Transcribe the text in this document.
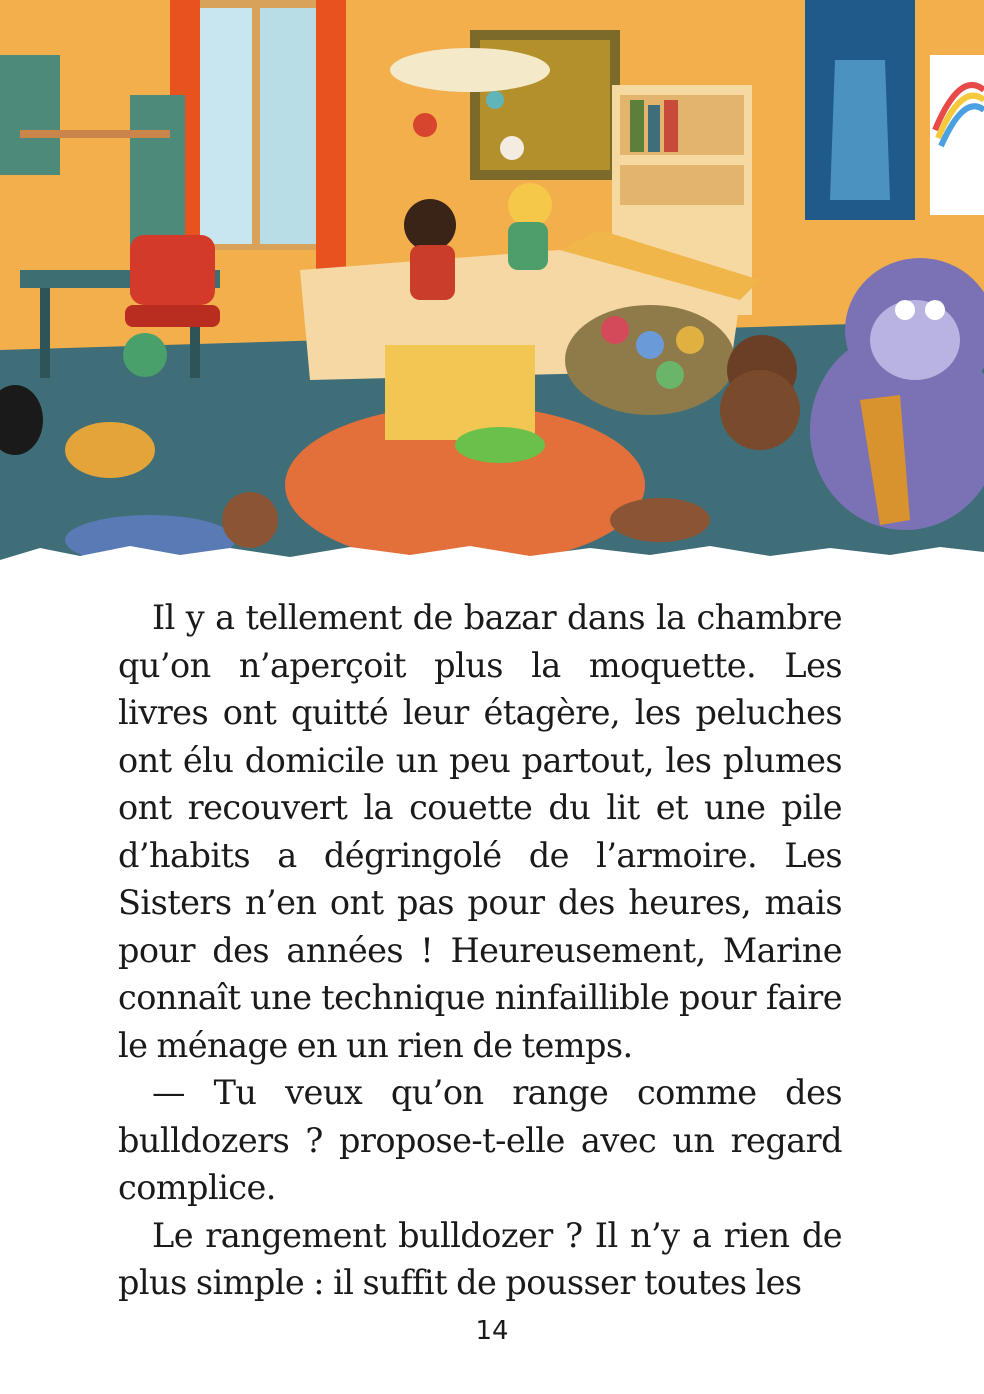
Il y a tellement de bazar dans la chambre qu’on n’aperçoit plus la moquette. Les livres ont quitté leur étagère, les peluches ont élu domicile un peu partout, les plumes ont recouvert la couette du lit et une pile d’habits a dégringolé de l’armoire. Les Sisters n’en ont pas pour des heures, mais pour des années ! Heureusement, Marine connaît une technique ninfaillible pour faire le ménage en un rien de temps.

— Tu veux qu’on range comme des bulldozers ? propose-t-elle avec un regard complice.

Le rangement bulldozer ? Il n’y a rien de plus simple : il suffit de pousser toutes les

14
